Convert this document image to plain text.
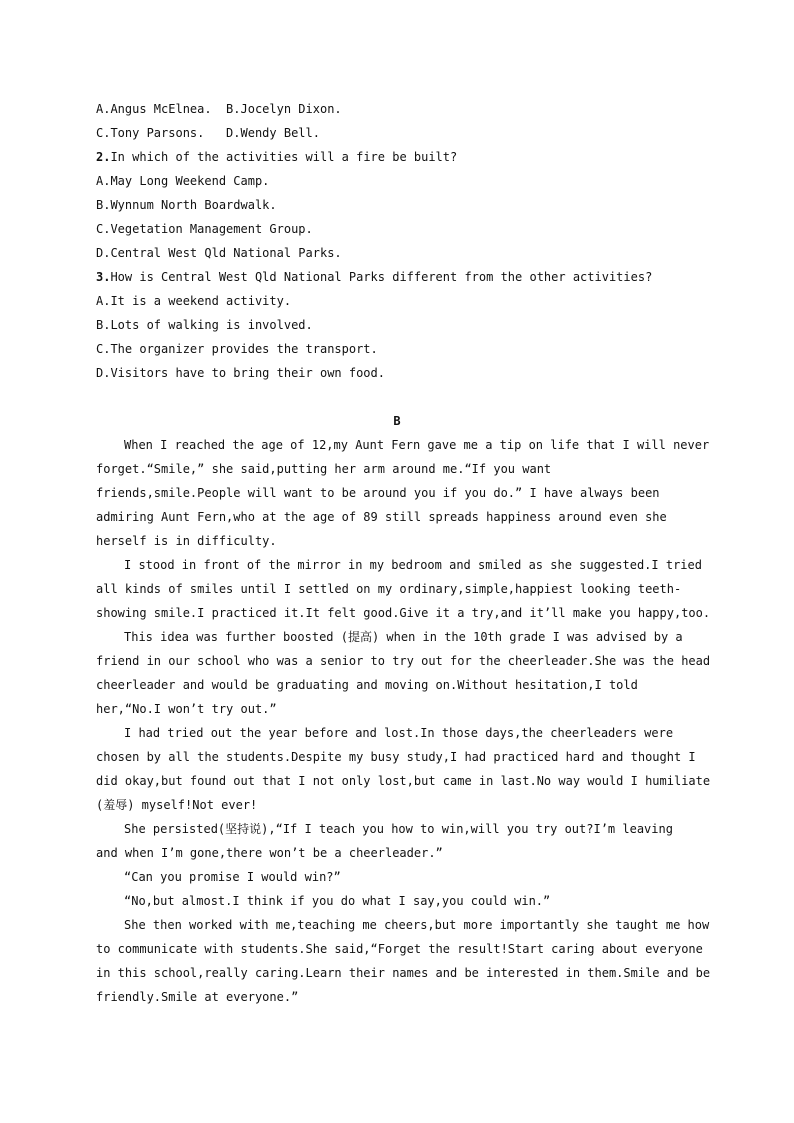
A.Angus McElnea.  B.Jocelyn Dixon.
C.Tony Parsons.   D.Wendy Bell.
2.In which of the activities will a fire be built?
A.May Long Weekend Camp.
B.Wynnum North Boardwalk.
C.Vegetation Management Group.
D.Central West Qld National Parks.
3.How is Central West Qld National Parks different from the other activities?
A.It is a weekend activity.
B.Lots of walking is involved.
C.The organizer provides the transport.
D.Visitors have to bring their own food.
B
When I reached the age of 12,my Aunt Fern gave me a tip on life that I will never
forget.“Smile,” she said,putting her arm around me.“If you want
friends,smile.People will want to be around you if you do.” I have always been
admiring Aunt Fern,who at the age of 89 still spreads happiness around even she
herself is in difficulty.
I stood in front of the mirror in my bedroom and smiled as she suggested.I tried
all kinds of smiles until I settled on my ordinary,simple,happiest looking teeth-
showing smile.I practiced it.It felt good.Give it a try,and it’ll make you happy,too.
This idea was further boosted (提高) when in the 10th grade I was advised by a
friend in our school who was a senior to try out for the cheerleader.She was the head
cheerleader and would be graduating and moving on.Without hesitation,I told
her,“No.I won’t try out.”
I had tried out the year before and lost.In those days,the cheerleaders were
chosen by all the students.Despite my busy study,I had practiced hard and thought I
did okay,but found out that I not only lost,but came in last.No way would I humiliate
(羞辱) myself!Not ever!
She persisted(坚持说),“If I teach you how to win,will you try out?I’m leaving
and when I’m gone,there won’t be a cheerleader.”
“Can you promise I would win?”
“No,but almost.I think if you do what I say,you could win.”
She then worked with me,teaching me cheers,but more importantly she taught me how
to communicate with students.She said,“Forget the result!Start caring about everyone
in this school,really caring.Learn their names and be interested in them.Smile and be
friendly.Smile at everyone.”
